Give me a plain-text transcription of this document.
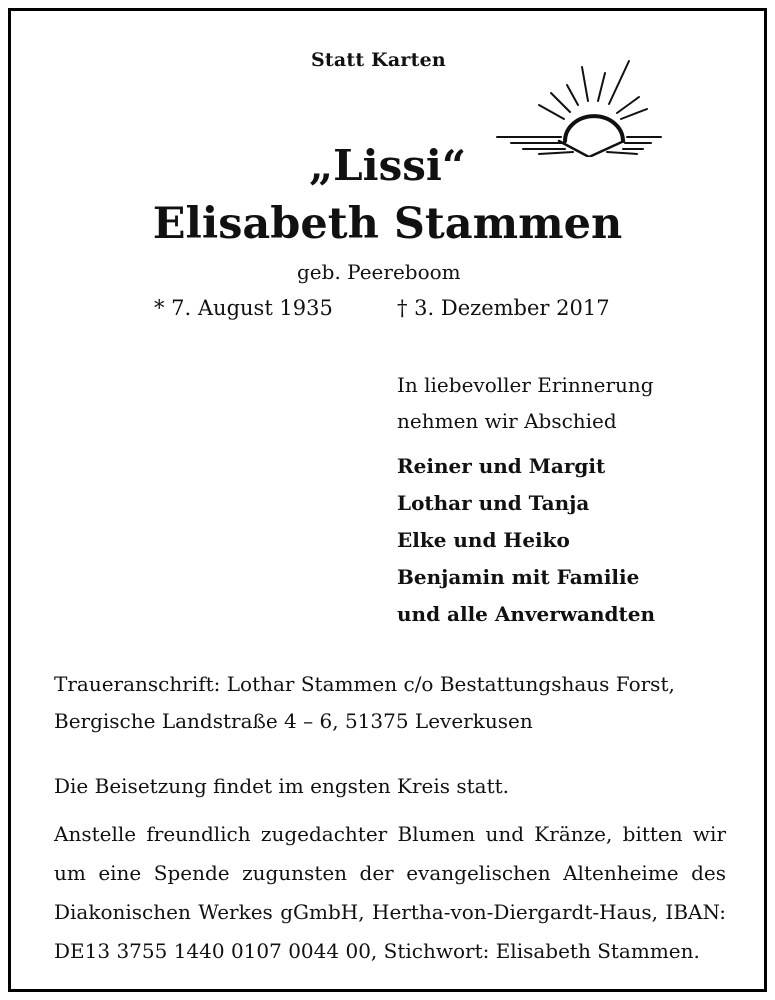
Statt Karten

„Lissi“
Elisabeth Stammen

geb. Peereboom

* 7. August 1935	† 3. Dezember 2017

In liebevoller Erinnerung nehmen wir Abschied

Reiner und Margit
Lothar und Tanja
Elke und Heiko
Benjamin mit Familie
und alle Anverwandten

Traueranschrift: Lothar Stammen c/o Bestattungshaus Forst, Bergische Landstraße 4 – 6, 51375 Leverkusen

Die Beisetzung findet im engsten Kreis statt.

Anstelle freundlich zugedachter Blumen und Kränze, bitten wir um eine Spende zugunsten der evangelischen Altenheime des Diakonischen Werkes gGmbH, Hertha-von-Diergardt-Haus, IBAN: DE13 3755 1440 0107 0044 00, Stichwort: Elisabeth Stammen.
